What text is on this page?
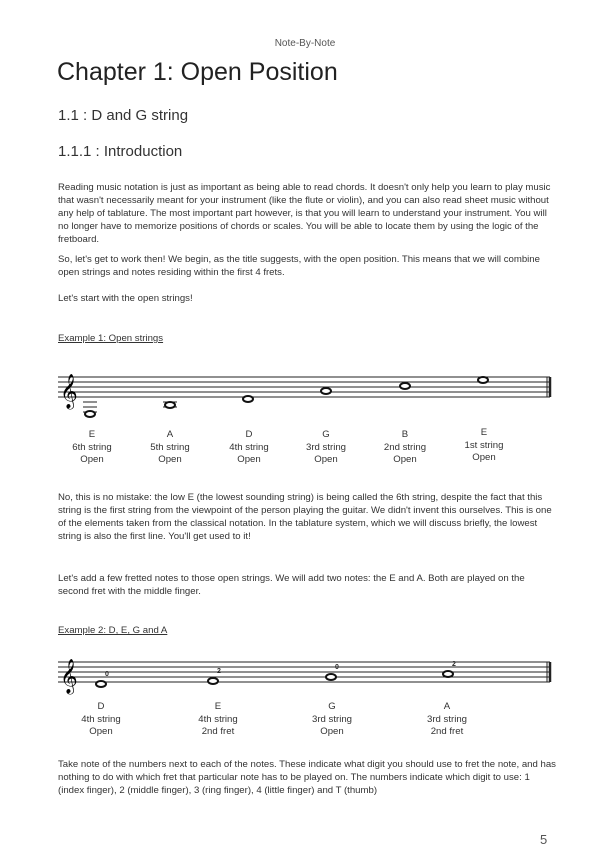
Note-By-Note
Chapter 1: Open Position
1.1 : D and G string
1.1.1 : Introduction
Reading music notation is just as important as being able to read chords. It doesn't only help you learn to play music that wasn't necessarily meant for your instrument (like the flute or violin), and you can also read sheet music without any help of tablature. The most important part however, is that you will learn to understand your instrument. You will no longer have to memorize positions of chords or scales. You will be able to locate them by using the logic of the fretboard.
So, let's get to work then! We begin, as the title suggests, with the open position. This means that we will combine open strings and notes residing within the first 4 frets.
Let's start with the open strings!
Example 1: Open strings
𝄞
𝄞	0	2
0	2
E
6th string
Open
A
5th string
Open
D
4th string
Open
G
3rd string
Open
B
2nd string
Open
E
1st string
Open
No, this is no mistake: the low E (the lowest sounding string) is being called the 6th string, despite the fact that this string is the first string from the viewpoint of the person playing the guitar. We didn't invent this ourselves. This is one of the elements taken from the classical notation. In the tablature system, which we will discuss briefly, the lowest string is also the first line. You'll get used to it!
Let's add a few fretted notes to those open strings. We will add two notes: the E and A. Both are played on the second fret with the middle finger.
Example 2: D, E, G and A
D
4th string
Open
E
4th string
2nd fret
G
3rd string
Open
A
3rd string
2nd fret
Take note of the numbers next to each of the notes. These indicate what digit you should use to fret the note, and has nothing to do with which fret that particular note has to be played on. The numbers indicate which digit to use: 1 (index finger), 2 (middle finger), 3 (ring finger), 4 (little finger) and T (thumb)
5
